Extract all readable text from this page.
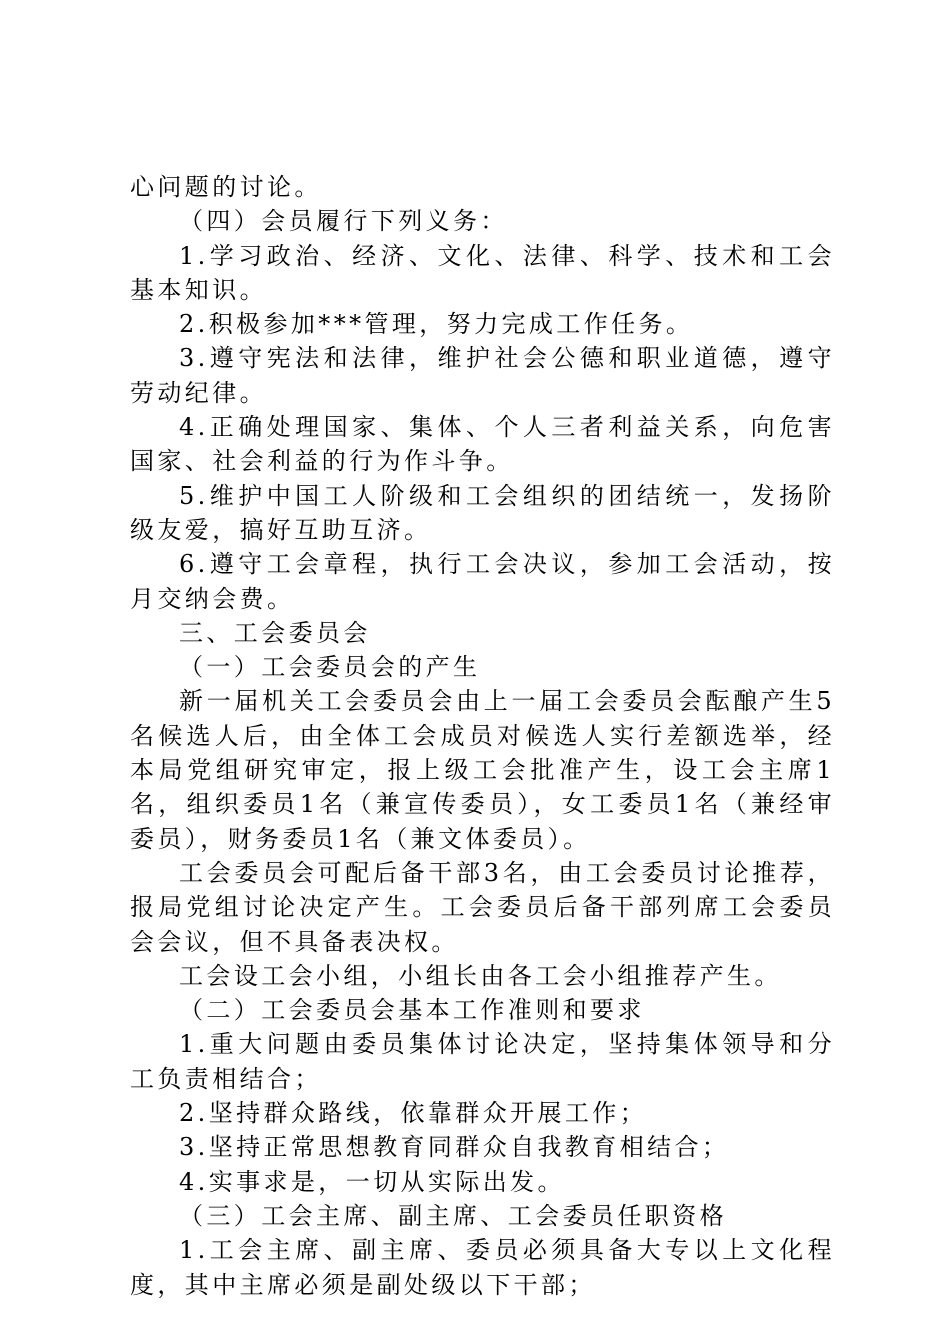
心问题的讨论。

（四）会员履行下列义务：

1.学习政治、经济、文化、法律、科学、技术和工会基本知识。

2.积极参加***管理，努力完成工作任务。

3.遵守宪法和法律，维护社会公德和职业道德，遵守劳动纪律。

4.正确处理国家、集体、个人三者利益关系，向危害国家、社会利益的行为作斗争。

5.维护中国工人阶级和工会组织的团结统一，发扬阶级友爱，搞好互助互济。

6.遵守工会章程，执行工会决议，参加工会活动，按月交纳会费。

三、工会委员会

（一）工会委员会的产生

新一届机关工会委员会由上一届工会委员会酝酿产生5名候选人后，由全体工会成员对候选人实行差额选举，经本局党组研究审定，报上级工会批准产生，设工会主席1名，组织委员1名（兼宣传委员），女工委员1名（兼经审委员），财务委员1名（兼文体委员）。

工会委员会可配后备干部3名，由工会委员讨论推荐，报局党组讨论决定产生。工会委员后备干部列席工会委员会会议，但不具备表决权。

工会设工会小组，小组长由各工会小组推荐产生。

（二）工会委员会基本工作准则和要求

1.重大问题由委员集体讨论决定，坚持集体领导和分工负责相结合；

2.坚持群众路线，依靠群众开展工作；

3.坚持正常思想教育同群众自我教育相结合；

4.实事求是，一切从实际出发。

（三）工会主席、副主席、工会委员任职资格

1.工会主席、副主席、委员必须具备大专以上文化程度，其中主席必须是副处级以下干部；
